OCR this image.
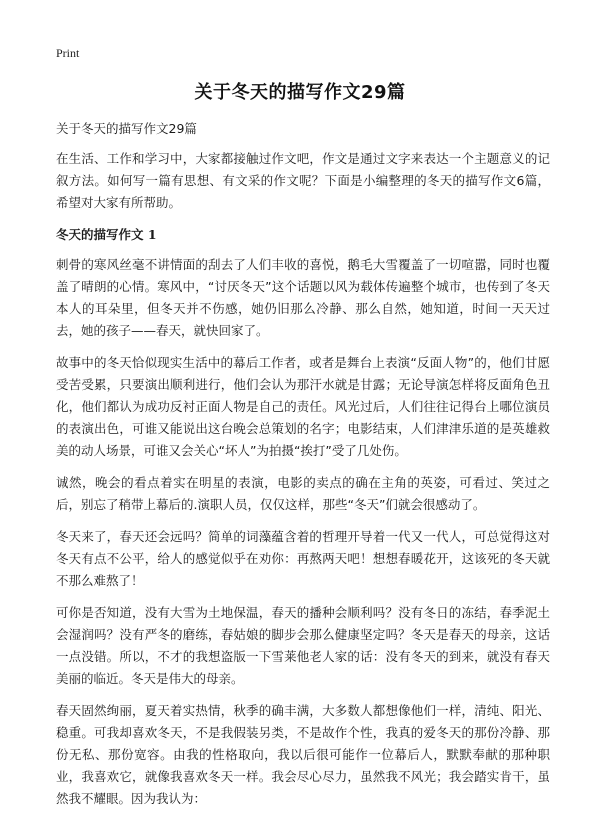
Print
关于冬天的描写作文29篇
关于冬天的描写作文29篇
在生活、工作和学习中，大家都接触过作文吧，作文是通过文字来表达一个主题意义的记叙方法。如何写一篇有思想、有文采的作文呢？下面是小编整理的冬天的描写作文6篇，希望对大家有所帮助。
冬天的描写作文 1
刺骨的寒风丝毫不讲情面的刮去了人们丰收的喜悦，鹅毛大雪覆盖了一切喧嚣，同时也覆盖了晴朗的心情。寒风中，“讨厌冬天”这个话题以风为载体传遍整个城市，也传到了冬天本人的耳朵里，但冬天并不伤感，她仍旧那么冷静、那么自然，她知道，时间一天天过去，她的孩子——春天，就快回家了。
故事中的冬天恰似现实生活中的幕后工作者，或者是舞台上表演“反面人物”的，他们甘愿受苦受累，只要演出顺利进行，他们会认为那汗水就是甘露；无论导演怎样将反面角色丑化，他们都认为成功反衬正面人物是自己的责任。风光过后，人们往往记得台上哪位演员的表演出色，可谁又能说出这台晚会总策划的名字；电影结束，人们津津乐道的是英雄救美的动人场景，可谁又会关心“坏人”为拍摄“挨打”受了几处伤。
诚然，晚会的看点着实在明星的表演，电影的卖点的确在主角的英姿，可看过、笑过之后，别忘了稍带上幕后的.演职人员，仅仅这样，那些“冬天”们就会很感动了。
冬天来了，春天还会远吗？简单的词藻蕴含着的哲理开导着一代又一代人，可总觉得这对冬天有点不公平，给人的感觉似乎在劝你：再熬两天吧！想想春暖花开，这该死的冬天就不那么难熬了！
可你是否知道，没有大雪为土地保温，春天的播种会顺利吗？没有冬日的冻结，春季泥土会湿润吗？没有严冬的磨练，春姑娘的脚步会那么健康坚定吗？冬天是春天的母亲，这话一点没错。所以，不才的我想盗版一下雪莱他老人家的话：没有冬天的到来，就没有春天美丽的临近。冬天是伟大的母亲。
春天固然绚丽，夏天着实热情，秋季的确丰满，大多数人都想像他们一样，清纯、阳光、稳重。可我却喜欢冬天，不是我假装另类，不是故作个性，我真的爱冬天的那份冷静、那份无私、那份宽容。由我的性格取向，我以后很可能作一位幕后人，默默奉献的那种职业，我喜欢它，就像我喜欢冬天一样。我会尽心尽力，虽然我不风光；我会踏实肯干，虽然我不耀眼。因为我认为：
